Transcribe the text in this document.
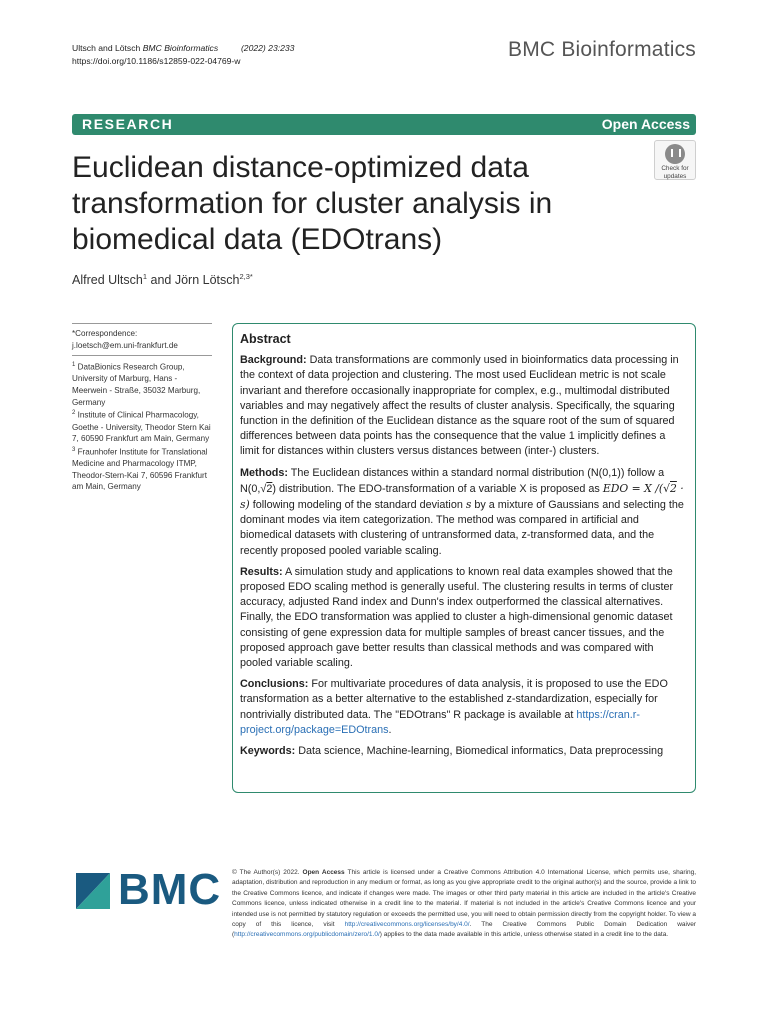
Ultsch and Lötsch BMC Bioinformatics	(2022) 23:233
https://doi.org/10.1186/s12859-022-04769-w	BMC Bioinformatics
RESEARCH	Open Access
Check for
updates
Euclidean distance-optimized data transformation for cluster analysis in biomedical data (EDOtrans)
Alfred Ultsch$^1$ and Jörn Lötsch$^{2,3*}$
*Correspondence:
j.loetsch@em.uni-frankfurt.de
$^1$ DataBionics Research Group, University of Marburg, Hans - Meerwein - Straße, 35032 Marburg, Germany
$^2$ Institute of Clinical Pharmacology, Goethe - University, Theodor Stern Kai 7, 60590 Frankfurt am Main, Germany
$^3$ Fraunhofer Institute for Translational Medicine and Pharmacology ITMP, Theodor-Stern-Kai 7, 60596 Frankfurt am Main, Germany
Abstract

Background: Data transformations are commonly used in bioinformatics data processing in the context of data projection and clustering. The most used Euclidean metric is not scale invariant and therefore occasionally inappropriate for complex, e.g., multimodal distributed variables and may negatively affect the results of cluster analysis. Specifically, the squaring function in the definition of the Euclidean distance as the square root of the sum of squared differences between data points has the consequence that the value 1 implicitly defines a limit for distances within clusters versus distances between (inter-) clusters.

Methods: The Euclidean distances within a standard normal distribution (N(0,1)) follow a N(0,√2) distribution. The EDO-transformation of a variable X is proposed as EDO = X /(√2 · s) following modeling of the standard deviation s by a mixture of Gaussians and selecting the dominant modes via item categorization. The method was compared in artificial and biomedical datasets with clustering of untransformed data, z-transformed data, and the recently proposed pooled variable scaling.

Results: A simulation study and applications to known real data examples showed that the proposed EDO scaling method is generally useful. The clustering results in terms of cluster accuracy, adjusted Rand index and Dunn's index outperformed the classical alternatives. Finally, the EDO transformation was applied to cluster a high-dimensional genomic dataset consisting of gene expression data for multiple samples of breast cancer tissues, and the proposed approach gave better results than classical methods and was compared with pooled variable scaling.

Conclusions: For multivariate procedures of data analysis, it is proposed to use the EDO transformation as a better alternative to the established z-standardization, especially for nontrivially distributed data. The "EDOtrans" R package is available at https://cran.r-project.org/package=EDOtrans.

Keywords: Data science, Machine-learning, Biomedical informatics, Data preprocessing

BMC © The Author(s) 2022. Open Access This article is licensed under a Creative Commons Attribution 4.0 International License, which permits use, sharing, adaptation, distribution and reproduction in any medium or format, as long as you give appropriate credit to the original author(s) and the source, provide a link to the Creative Commons licence, and indicate if changes were made. The images or other third party material in this article are included in the article's Creative Commons licence, unless indicated otherwise in a credit line to the material. If material is not included in the article's Creative Commons licence and your intended use is not permitted by statutory regulation or exceeds the permitted use, you will need to obtain permission directly from the copyright holder. To view a copy of this licence, visit http://creativecommons.org/licenses/by/4.0/. The Creative Commons Public Domain Dedication waiver (http://creativecommons.org/publicdomain/zero/1.0/) applies to the data made available in this article, unless otherwise stated in a credit line to the data.
